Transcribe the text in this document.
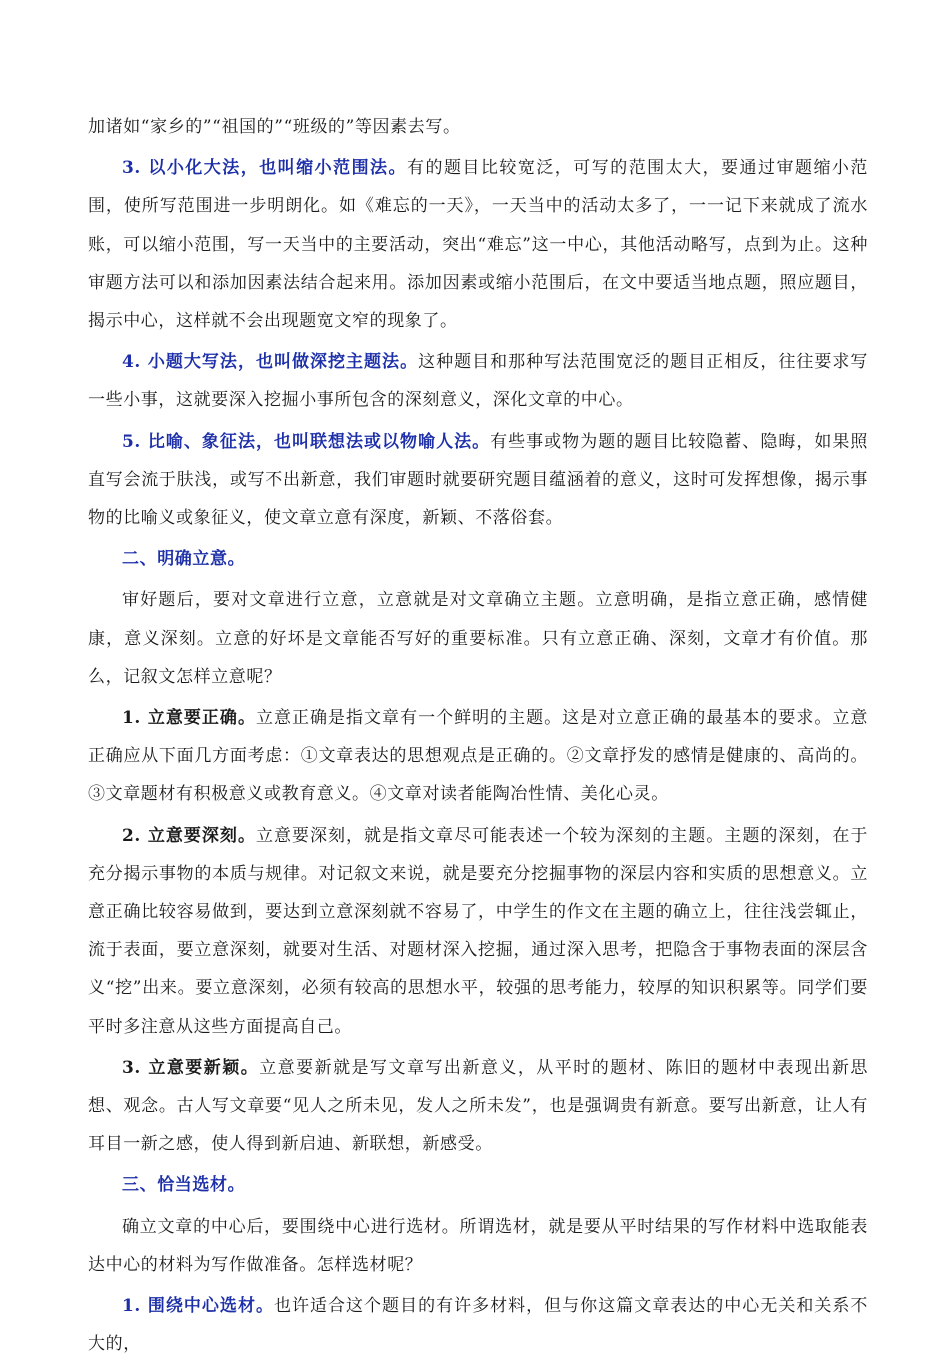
加诸如“家乡的”“祖国的”“班级的”等因素去写。

3. 以小化大法，也叫缩小范围法。有的题目比较宽泛，可写的范围太大，要通过审题缩小范围，使所写范围进一步明朗化。如《难忘的一天》，一天当中的活动太多了，一一记下来就成了流水账，可以缩小范围，写一天当中的主要活动，突出“难忘”这一中心，其他活动略写，点到为止。这种审题方法可以和添加因素法结合起来用。添加因素或缩小范围后，在文中要适当地点题，照应题目，揭示中心，这样就不会出现题宽文窄的现象了。

4. 小题大写法，也叫做深挖主题法。这种题目和那种写法范围宽泛的题目正相反，往往要求写一些小事，这就要深入挖掘小事所包含的深刻意义，深化文章的中心。

5. 比喻、象征法，也叫联想法或以物喻人法。有些事或物为题的题目比较隐蓄、隐晦，如果照直写会流于肤浅，或写不出新意，我们审题时就要研究题目蕴涵着的意义，这时可发挥想像，揭示事物的比喻义或象征义，使文章立意有深度，新颖、不落俗套。

二、明确立意。

审好题后，要对文章进行立意，立意就是对文章确立主题。立意明确，是指立意正确，感情健康，意义深刻。立意的好坏是文章能否写好的重要标准。只有立意正确、深刻，文章才有价值。那么，记叙文怎样立意呢？

1. 立意要正确。立意正确是指文章有一个鲜明的主题。这是对立意正确的最基本的要求。立意正确应从下面几方面考虑：①文章表达的思想观点是正确的。②文章抒发的感情是健康的、高尚的。③文章题材有积极意义或教育意义。④文章对读者能陶冶性情、美化心灵。

2. 立意要深刻。立意要深刻，就是指文章尽可能表述一个较为深刻的主题。主题的深刻，在于充分揭示事物的本质与规律。对记叙文来说，就是要充分挖掘事物的深层内容和实质的思想意义。立意正确比较容易做到，要达到立意深刻就不容易了，中学生的作文在主题的确立上，往往浅尝辄止，流于表面，要立意深刻，就要对生活、对题材深入挖掘，通过深入思考，把隐含于事物表面的深层含义“挖”出来。要立意深刻，必须有较高的思想水平，较强的思考能力，较厚的知识积累等。同学们要平时多注意从这些方面提高自己。

3. 立意要新颖。立意要新就是写文章写出新意义，从平时的题材、陈旧的题材中表现出新思想、观念。古人写文章要“见人之所未见，发人之所未发”，也是强调贵有新意。要写出新意，让人有耳目一新之感，使人得到新启迪、新联想，新感受。

三、恰当选材。

确立文章的中心后，要围绕中心进行选材。所谓选材，就是要从平时结果的写作材料中选取能表达中心的材料为写作做准备。怎样选材呢？

1. 围绕中心选材。也许适合这个题目的有许多材料，但与你这篇文章表达的中心无关和关系不大的，
